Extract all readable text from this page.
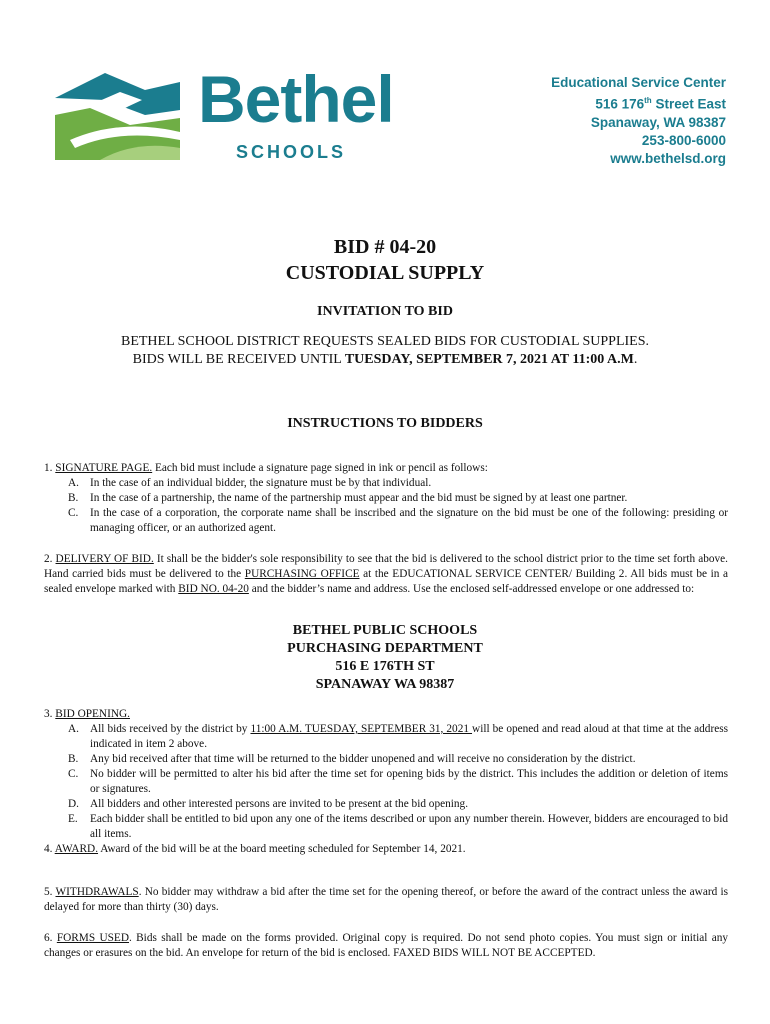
Bethel
SCHOOLS
Educational Service Center
516 176th Street East
Spanaway, WA 98387
253-800-6000
www.bethelsd.org
BID # 04-20
CUSTODIAL SUPPLY
INVITATION TO BID
BETHEL SCHOOL DISTRICT REQUESTS SEALED BIDS FOR CUSTODIAL SUPPLIES.
BIDS WILL BE RECEIVED UNTIL TUESDAY, SEPTEMBER 7, 2021 AT 11:00 A.M.
INSTRUCTIONS TO BIDDERS
1. SIGNATURE PAGE. Each bid must include a signature page signed in ink or pencil as follows:
A. In the case of an individual bidder, the signature must be by that individual.
B.	In the case of a partnership, the name of the partnership must appear and the bid must be signed by at least one partner.
C.	In the case of a corporation, the corporate name shall be inscribed and the signature on the bid must be one of the following: presiding or managing officer, or an authorized agent.
2. DELIVERY OF BID. It shall be the bidder's sole responsibility to see that the bid is delivered to the school district prior to the time set forth above. Hand carried bids must be delivered to the PURCHASING OFFICE at the EDUCATIONAL SERVICE CENTER/ Building 2. All bids must be in a sealed envelope marked with BID NO. 04-20 and the bidder’s name and address. Use the enclosed self-addressed envelope or one addressed to:
BETHEL PUBLIC SCHOOLS
PURCHASING DEPARTMENT
516 E 176TH ST
SPANAWAY WA 98387
3. BID OPENING.
A. All bids received by the district by 11:00 A.M. TUESDAY, SEPTEMBER 31, 2021 will be opened and read aloud at that time at the address indicated in item 2 above.
B.	Any bid received after that time will be returned to the bidder unopened and will receive no consideration by the district.
C.	No bidder will be permitted to alter his bid after the time set for opening bids by the district. This includes the addition or deletion of items or signatures.
D. All bidders and other interested persons are invited to be present at the bid opening.
E.	Each bidder shall be entitled to bid upon any one of the items described or upon any number therein. However, bidders are encouraged to bid all items.
4. AWARD. Award of the bid will be at the board meeting scheduled for September 14, 2021.
5. WITHDRAWALS. No bidder may withdraw a bid after the time set for the opening thereof, or before the award of the contract unless the award is delayed for more than thirty (30) days.
6. FORMS USED. Bids shall be made on the forms provided. Original copy is required. Do not send photo copies. You must sign or initial any changes or erasures on the bid. An envelope for return of the bid is enclosed. FAXED BIDS WILL NOT BE ACCEPTED.
